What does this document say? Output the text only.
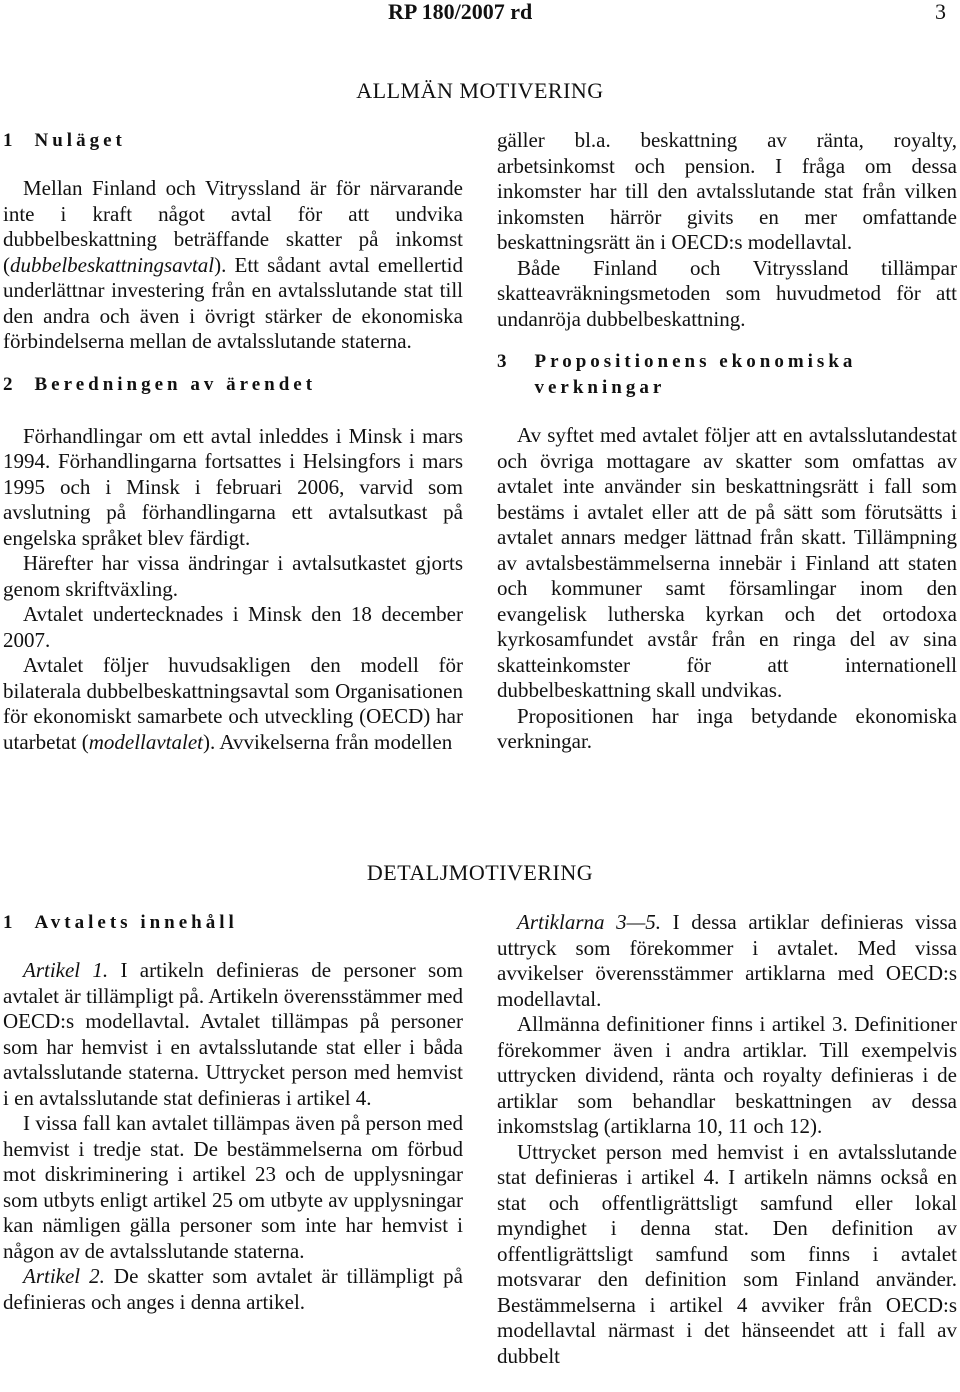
RP 180/2007 rd	3
ALLMÄN MOTIVERING

1 Nuläget

Mellan Finland och Vitryssland är för närvarande inte i kraft något avtal för att undvika dubbelbeskattning beträffande skatter på inkomst (dubbelbeskattningsavtal). Ett sådant avtal emellertid underlättnar investering från en avtalsslutande stat till den andra och även i övrigt stärker de ekonomiska förbindelserna mellan de avtalsslutande staterna.

2 Beredningen av ärendet

Förhandlingar om ett avtal inleddes i Minsk i mars 1994. Förhandlingarna fortsattes i Helsingfors i mars 1995 och i Minsk i februari 2006, varvid som avslutning på förhandlingarna ett avtalsutkast på engelska språket blev färdigt.

Härefter har vissa ändringar i avtalsutkastet gjorts genom skriftväxling.

Avtalet undertecknades i Minsk den 18 december 2007.

Avtalet följer huvudsakligen den modell för bilaterala dubbelbeskattningsavtal som Organisationen för ekonomiskt samarbete och utveckling (OECD) har utarbetat (modellavtalet). Avvikelserna från modellen

gäller bl.a. beskattning av ränta, royalty, arbetsinkomst och pension. I fråga om dessa inkomster har till den avtalsslutande stat från vilken inkomsten härrör givits en mer omfattande beskattningsrätt än i OECD:s modellavtal.

Både Finland och Vitryssland tillämpar skatteavräkningsmetoden som huvudmetod för att undanröja dubbelbeskattning.

3 Propositionens ekonomiska
verkningar

Av syftet med avtalet följer att en avtalsslutandestat och övriga mottagare av skatter som omfattas av avtalet inte använder sin beskattningsrätt i fall som bestäms i avtalet eller att de på sätt som förutsätts i avtalet annars medger lättnad från skatt. Tillämpning av avtalsbestämmelserna innebär i Finland att staten och kommuner samt församlingar inom den evangelisk lutherska kyrkan och det ortodoxa kyrkosamfundet avstår från en ringa del av sina skatteinkomster för att internationell dubbelbeskattning skall undvikas.

Propositionen har inga betydande ekonomiska verkningar.

DETALJMOTIVERING

1 Avtalets innehåll

Artikel 1. I artikeln definieras de personer som avtalet är tillämpligt på. Artikeln överensstämmer med OECD:s modellavtal. Avtalet tillämpas på personer som har hemvist i en avtalsslutande stat eller i båda avtalsslutande staterna. Uttrycket person med hemvist i en avtalsslutande stat definieras i artikel 4.

I vissa fall kan avtalet tillämpas även på person med hemvist i tredje stat. De bestämmelserna om förbud mot diskriminering i artikel 23 och de upplysningar som utbyts enligt artikel 25 om utbyte av upplysningar kan nämligen gälla personer som inte har hemvist i någon av de avtalsslutande staterna.

Artikel 2. De skatter som avtalet är tillämpligt på definieras och anges i denna artikel.

Artiklarna 3—5. I dessa artiklar definieras vissa uttryck som förekommer i avtalet. Med vissa avvikelser överensstämmer artiklarna med OECD:s modellavtal.

Allmänna definitioner finns i artikel 3. Definitioner förekommer även i andra artiklar. Till exempelvis uttrycken dividend, ränta och royalty definieras i de artiklar som behandlar beskattningen av dessa inkomstslag (artiklarna 10, 11 och 12).

Uttrycket person med hemvist i en avtalsslutande stat definieras i artikel 4. I artikeln nämns också en stat och offentligrättsligt samfund eller lokal myndighet i denna stat. Den definition av offentligrättsligt samfund som finns i avtalet motsvarar den definition som Finland använder. Bestämmelserna i artikel 4 avviker från OECD:s modellavtal närmast i det hänseendet att i fall av dubbelt
